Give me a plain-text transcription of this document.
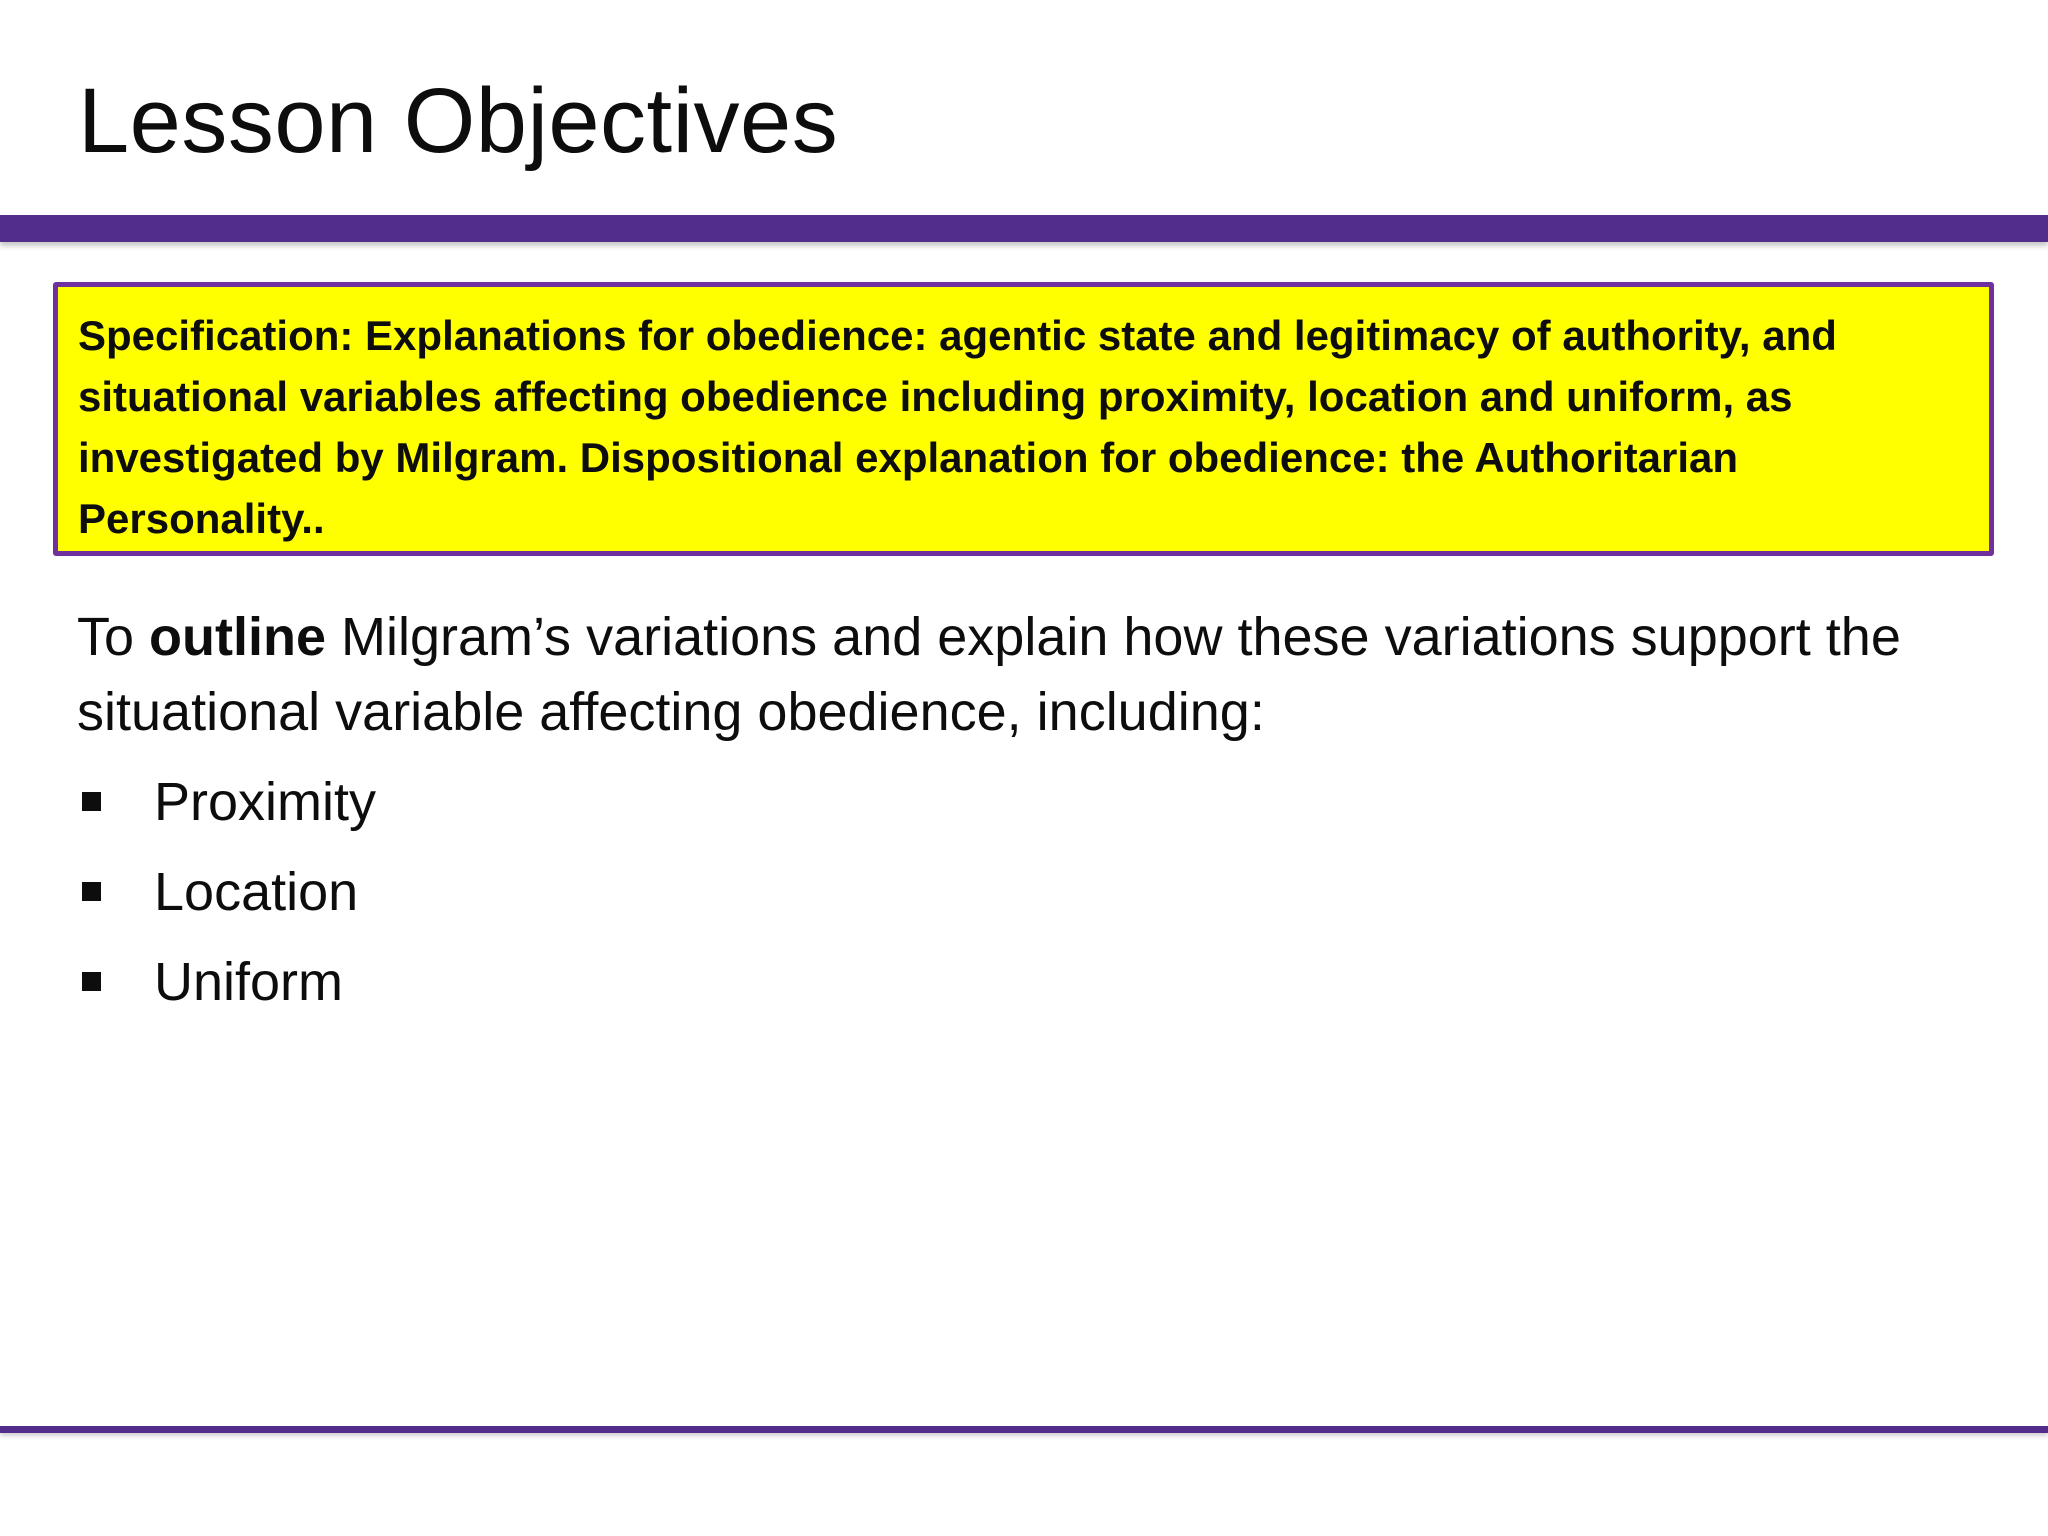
Lesson Objectives
Specification: Explanations for obedience: agentic state and legitimacy of authority, and situational variables affecting obedience including proximity, location and uniform, as investigated by Milgram. Dispositional explanation for obedience: the Authoritarian Personality..

To outline Milgram’s variations and explain how these variations support the situational variable affecting obedience, including:

Proximity
Location
Uniform
